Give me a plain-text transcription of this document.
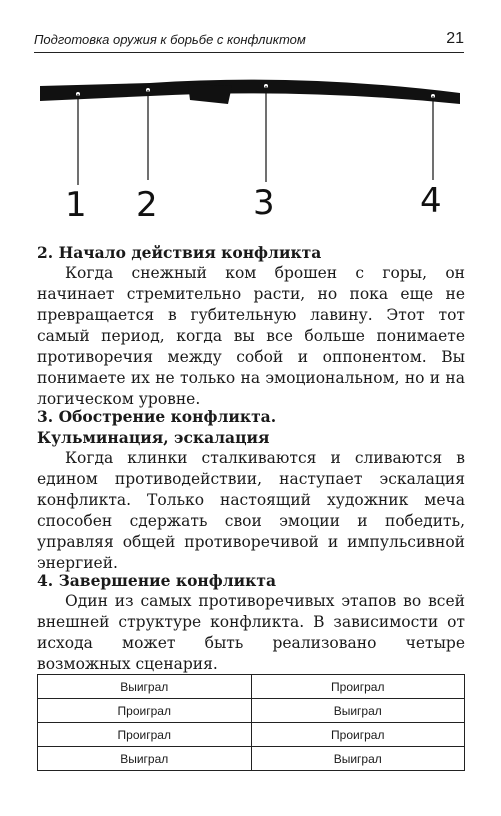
Подготовка оружия к борьбе с конфликтом	21
1 2	3	4
2. Начало действия конфликта

Когда снежный ком брошен с горы, он начинает стремительно расти, но пока еще не превращается в губительную лавину. Этот тот самый период, когда вы все больше понимаете противоречия между собой и оппонентом. Вы понимаете их не только на эмоциональном, но и на логическом уровне.

3. Обострение конфликта.
Кульминация, эскалация

Когда клинки сталкиваются и сливаются в едином противодействии, наступает эскалация конфликта. Только настоящий художник меча способен сдержать свои эмоции и победить, управляя общей противоречивой и импульсивной энергией.

4. Завершение конфликта

Один из самых противоречивых этапов во всей внешней структуре конфликта. В зависимости от исхода может быть реализовано четыре возможных сценария.

Выиграл	Проиграл
Проиграл	Выиграл
Проиграл	Проиграл
Выиграл	Выиграл
